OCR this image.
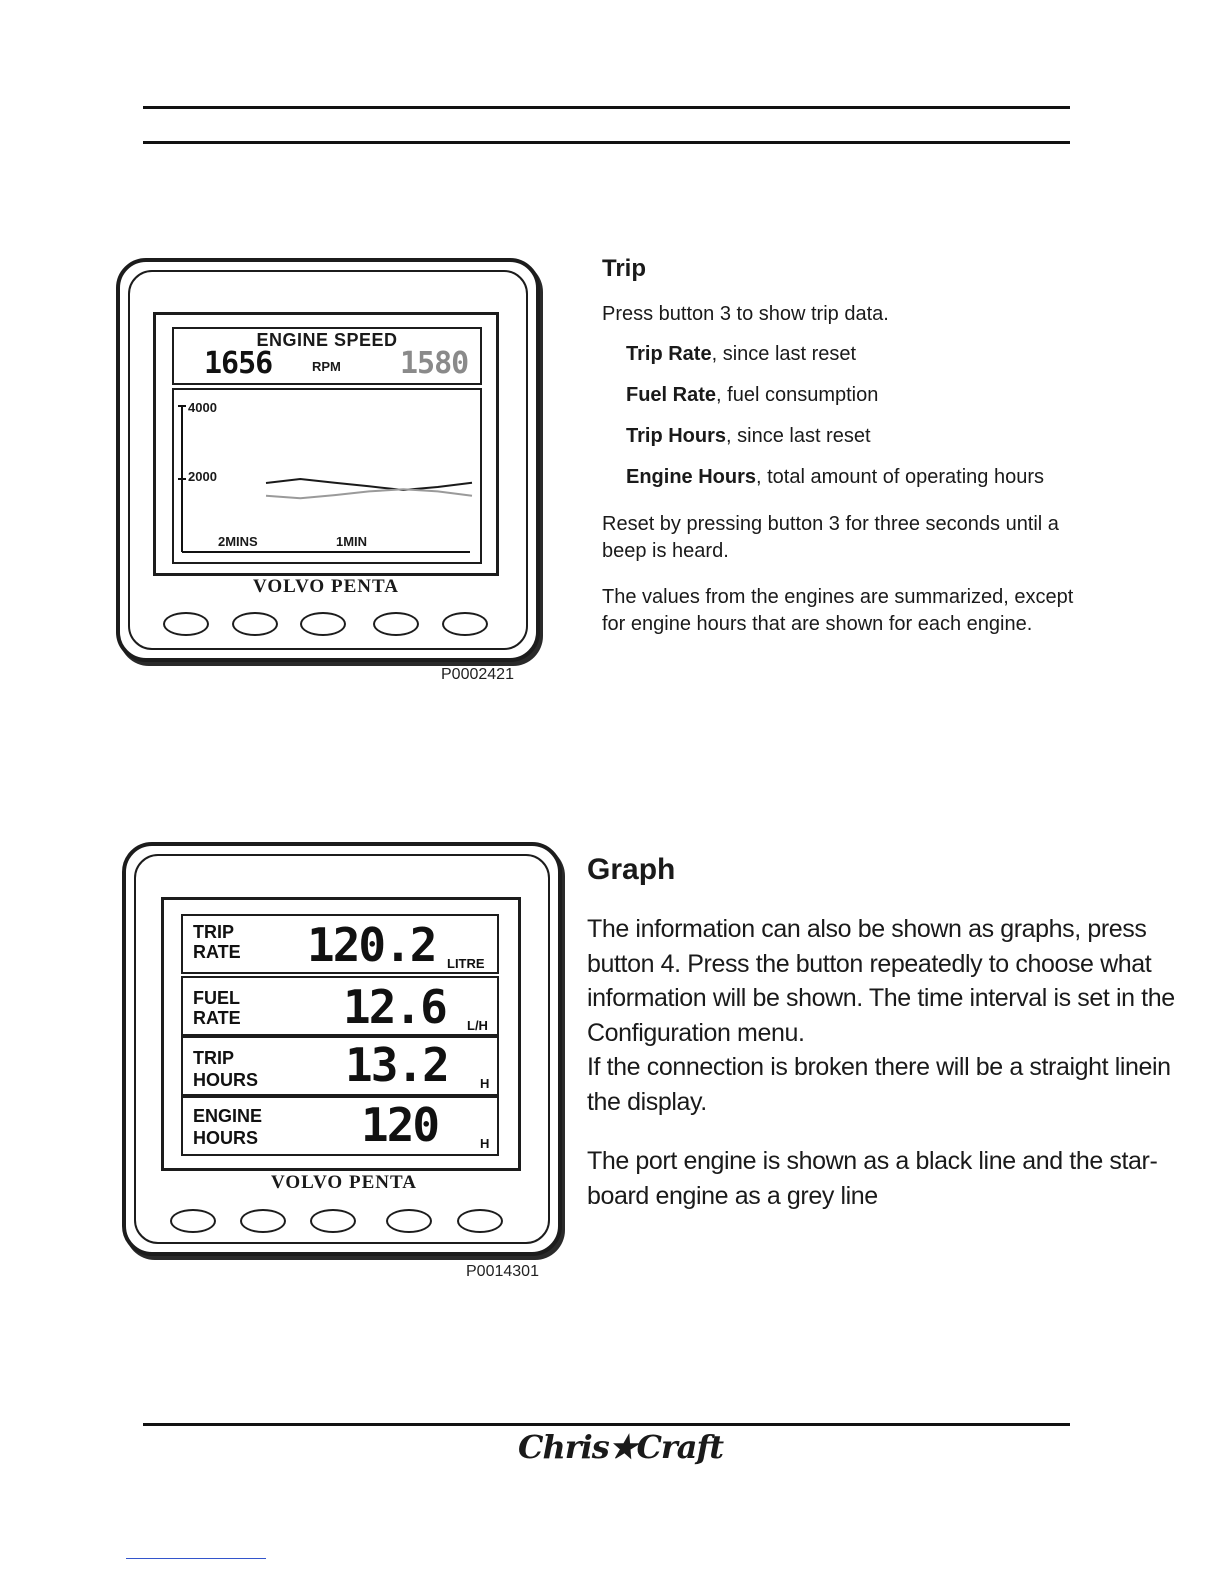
ENGINE SPEED
1656	RPM 1580
4000
2000
2MINS	1MIN
VOLVO PENTA
P0002421
Trip
Press button 3 to show trip data.
Trip Rate, since last reset
Fuel Rate, fuel consumption
Trip Hours, since last reset
Engine Hours, total amount of operating hours
Reset by pressing button 3 for three seconds until a
beep is heard.
The values from the engines are summarized, except
for engine hours that are shown for each engine.
TRIP
RATE 120.2 LITRE
FUEL
RATE 12.6 L/H
TRIP
HOURS 13.2 H
ENGINE
HOURS 120	H
VOLVO PENTA
P0014301
Graph
The information can also be shown as graphs, press
button 4. Press the button repeatedly to choose what
information will be shown. The time interval is set in the
Configuration menu.
If the connection is broken there will be a straight linein
the display.
The port engine is shown as a black line and the star-
board engine as a grey line
Chris★Craft
